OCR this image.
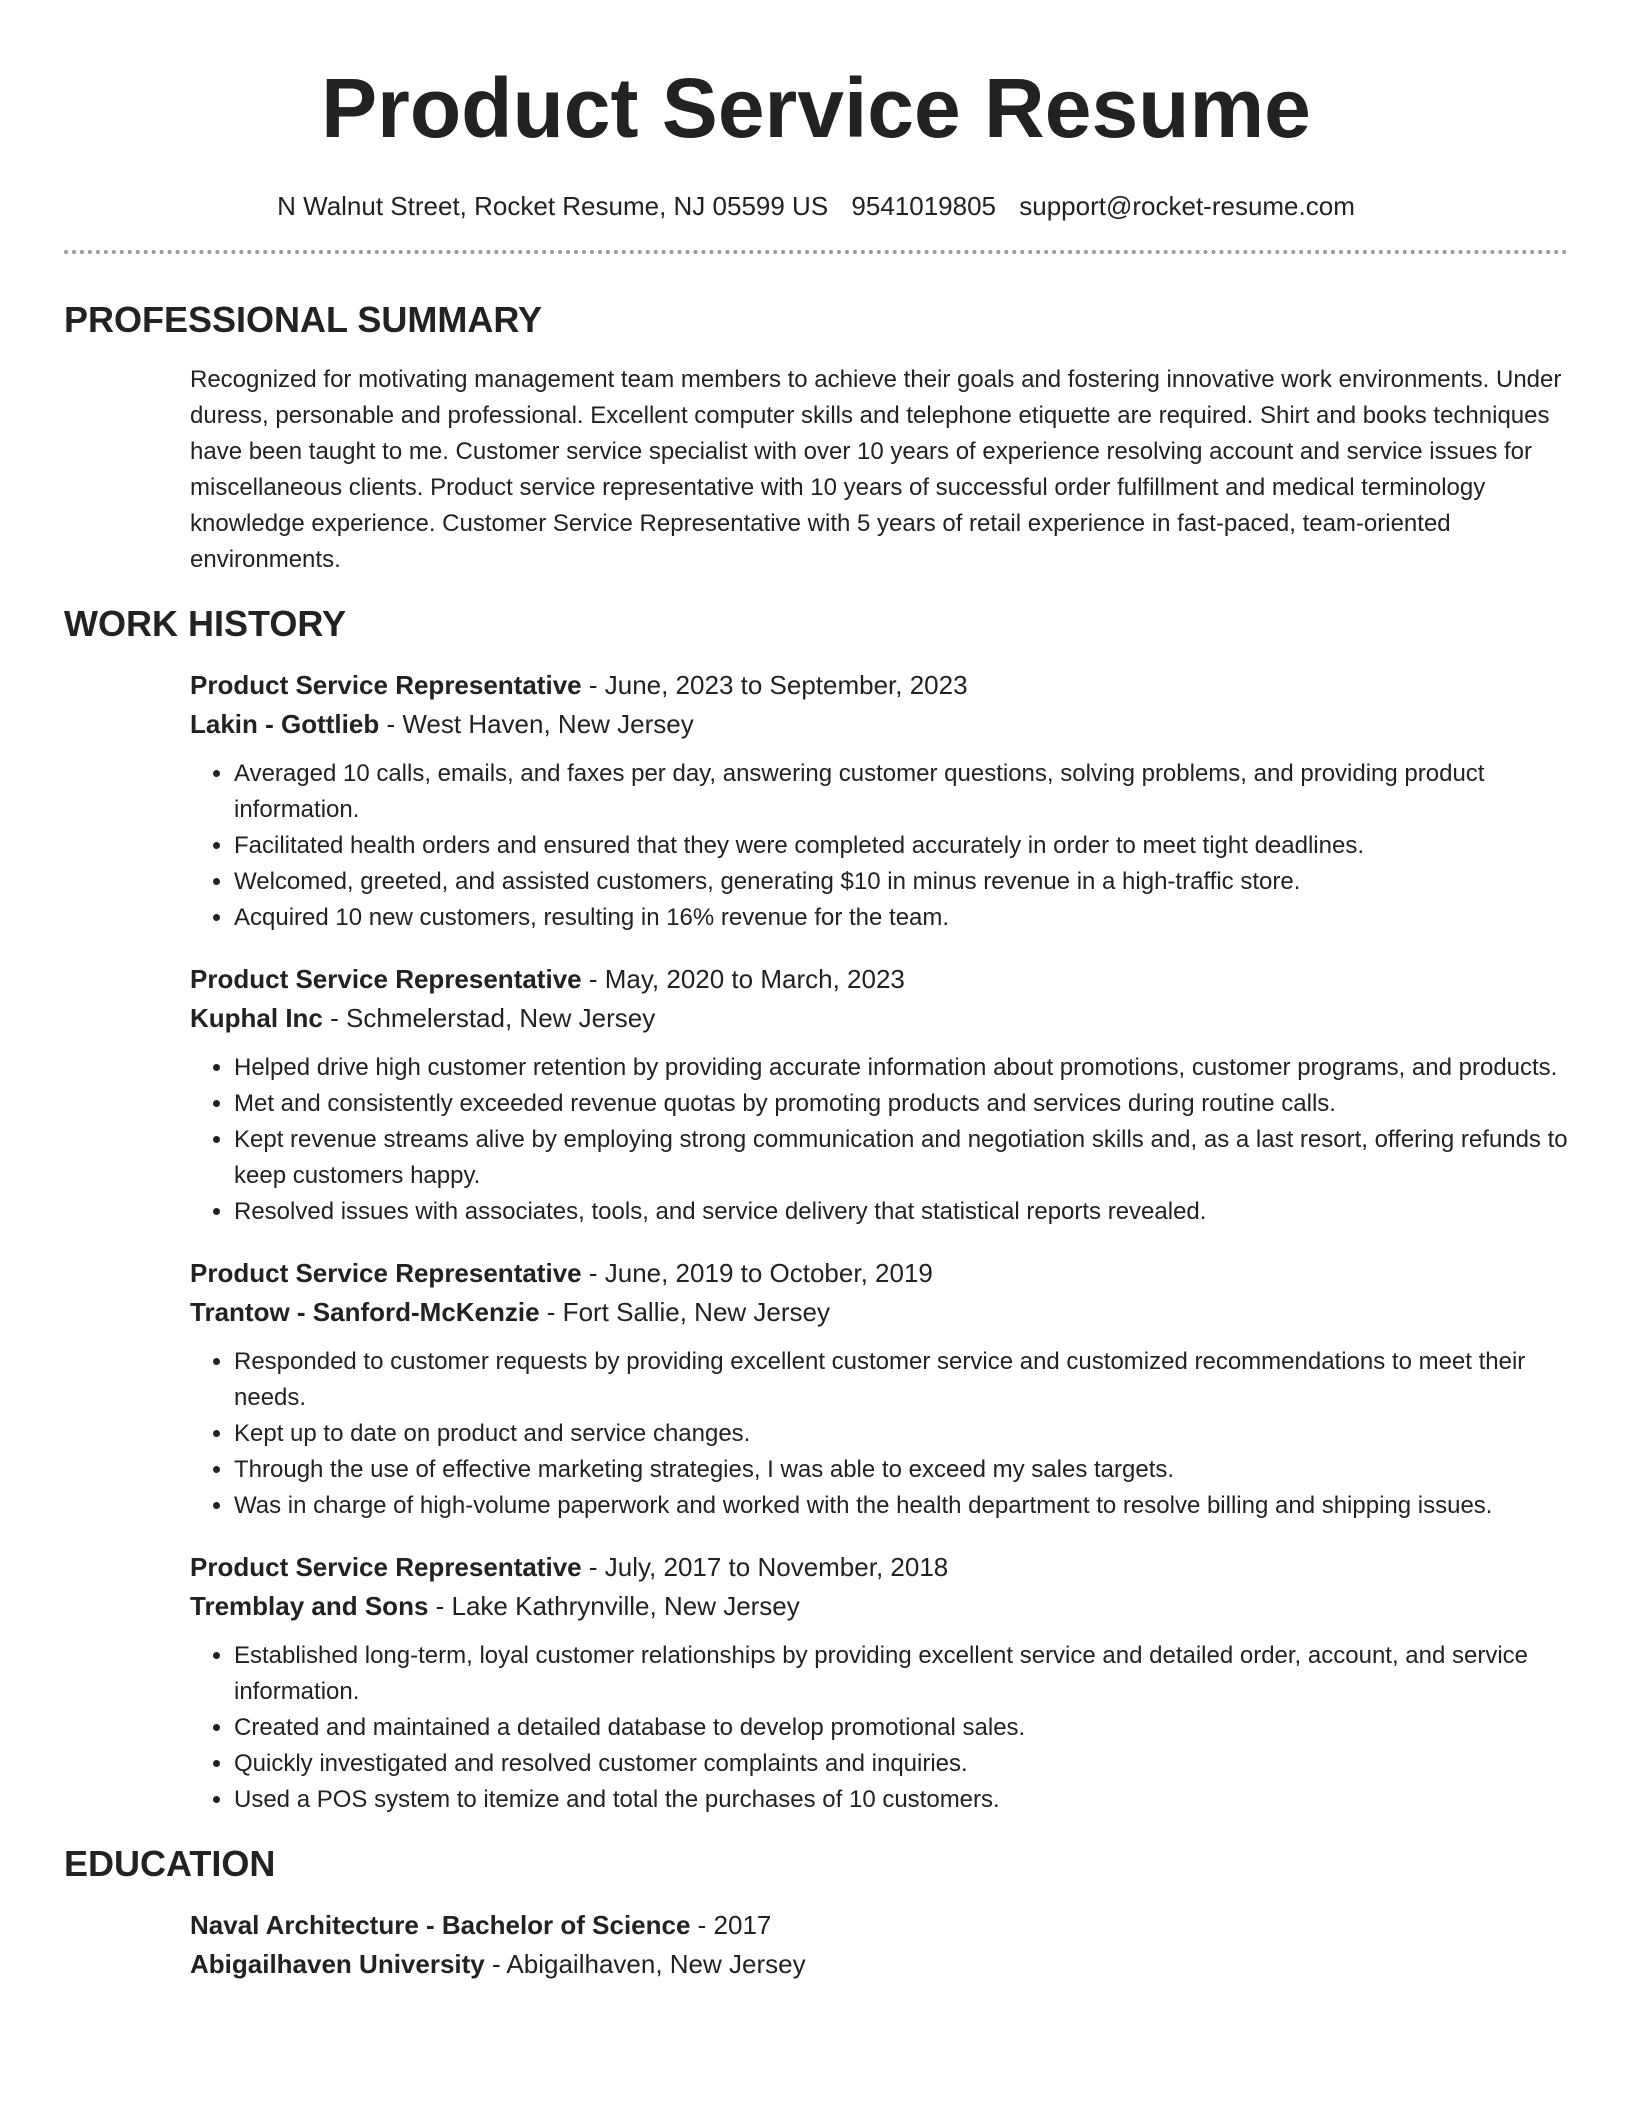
Product Service Resume
N Walnut Street, Rocket Resume, NJ 05599 US 9541019805 support@rocket-resume.com
PROFESSIONAL SUMMARY

Recognized for motivating management team members to achieve their goals and fostering innovative work environments. Under duress, personable and professional. Excellent computer skills and telephone etiquette are required. Shirt and books techniques have been taught to me. Customer service specialist with over 10 years of experience resolving account and service issues for miscellaneous clients. Product service representative with 10 years of successful order fulfillment and medical terminology knowledge experience. Customer Service Representative with 5 years of retail experience in fast-paced, team-oriented environments.

WORK HISTORY

Product Service Representative - June, 2023 to September, 2023

Lakin - Gottlieb - West Haven, New Jersey

• Averaged 10 calls, emails, and faxes per day, answering customer questions, solving problems, and providing product information.
• Facilitated health orders and ensured that they were completed accurately in order to meet tight deadlines.
• Welcomed, greeted, and assisted customers, generating $10 in minus revenue in a high-traffic store.
• Acquired 10 new customers, resulting in 16% revenue for the team.

Product Service Representative - May, 2020 to March, 2023

Kuphal Inc - Schmelerstad, New Jersey

• Helped drive high customer retention by providing accurate information about promotions, customer programs, and products.
• Met and consistently exceeded revenue quotas by promoting products and services during routine calls.
• Kept revenue streams alive by employing strong communication and negotiation skills and, as a last resort, offering refunds to keep customers happy.
• Resolved issues with associates, tools, and service delivery that statistical reports revealed.

Product Service Representative - June, 2019 to October, 2019

Trantow - Sanford-McKenzie - Fort Sallie, New Jersey

• Responded to customer requests by providing excellent customer service and customized recommendations to meet their needs.
• Kept up to date on product and service changes.
• Through the use of effective marketing strategies, I was able to exceed my sales targets.
• Was in charge of high-volume paperwork and worked with the health department to resolve billing and shipping issues.

Product Service Representative - July, 2017 to November, 2018

Tremblay and Sons - Lake Kathrynville, New Jersey

• Established long-term, loyal customer relationships by providing excellent service and detailed order, account, and service information.
• Created and maintained a detailed database to develop promotional sales.
• Quickly investigated and resolved customer complaints and inquiries.
• Used a POS system to itemize and total the purchases of 10 customers.
EDUCATION

Naval Architecture - Bachelor of Science - 2017

Abigailhaven University - Abigailhaven, New Jersey
